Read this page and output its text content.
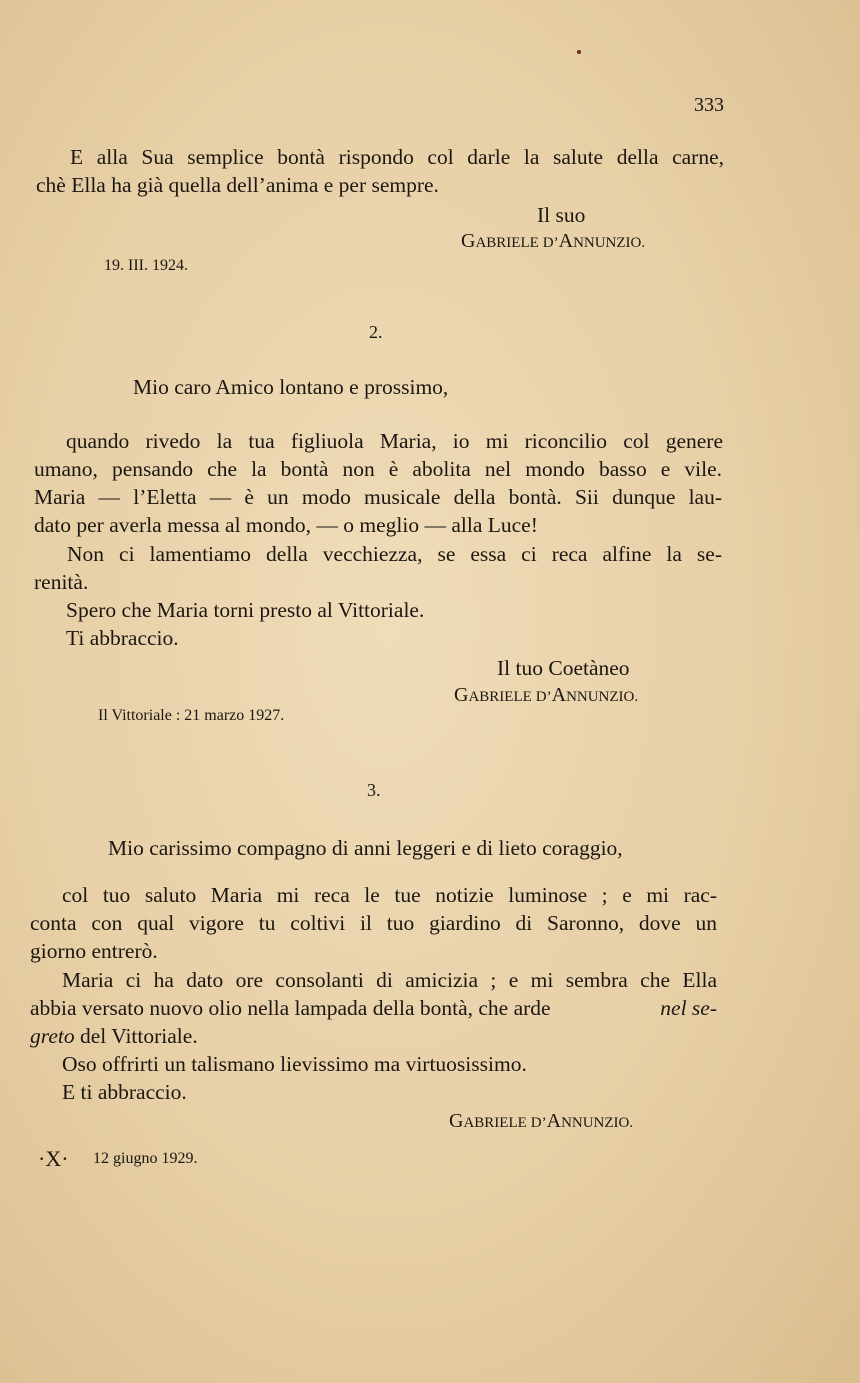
333
E alla Sua semplice bontà rispondo col darle la salute della carne,
chè Ella ha già quella dell’anima e per sempre.
Il suo
GABRIELE D’ANNUNZIO.
19. III. 1924.
2.
Mio caro Amico lontano e prossimo,
quando rivedo la tua figliuola Maria, io mi riconcilio col genere
umano, pensando che la bontà non è abolita nel mondo basso e vile.
Maria — l’Eletta — è un modo musicale della bontà. Sii dunque lau-
dato per averla messa al mondo, — o meglio — alla Luce!
Non ci lamentiamo della vecchiezza, se essa ci reca alfine la se-
renità.
Spero che Maria torni presto al Vittoriale.
Ti abbraccio.
Il tuo Coetàneo
GABRIELE D’ANNUNZIO.
Il Vittoriale : 21 marzo 1927.
3.
Mio carissimo compagno di anni leggeri e di lieto coraggio,
col tuo saluto Maria mi reca le tue notizie luminose ; e mi rac-
conta con qual vigore tu coltivi il tuo giardino di Saronno, dove un
giorno entrerò.
Maria ci ha dato ore consolanti di amicizia ; e mi sembra che Ella
abbia versato nuovo olio nella lampada della bontà, che arde	nel se-
greto del Vittoriale.
Oso offrirti un talismano lievissimo ma virtuosissimo.
E ti abbraccio.
GABRIELE D’ANNUNZIO.
·X· 12 giugno 1929.
